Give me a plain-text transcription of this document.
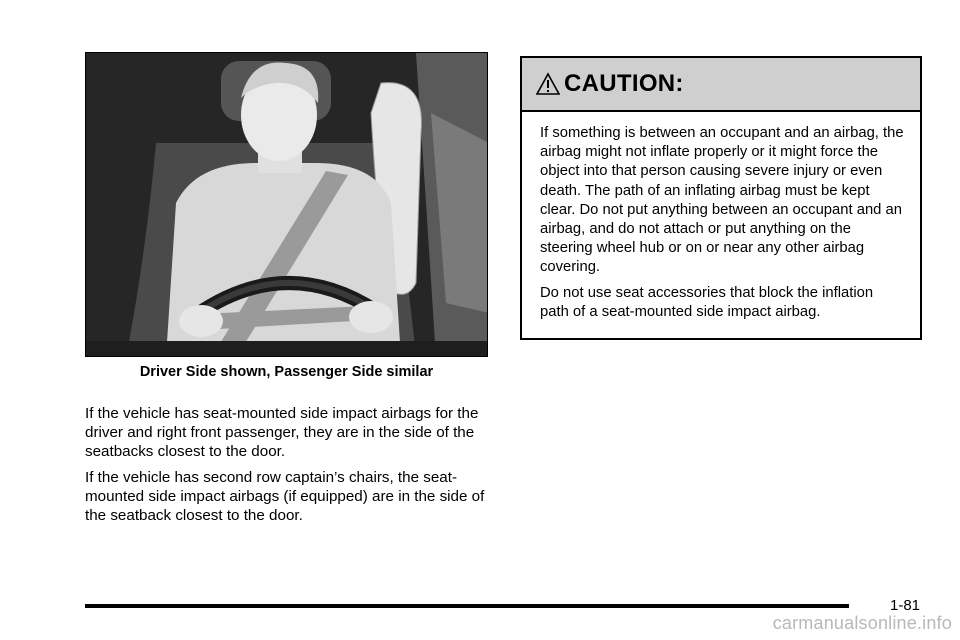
Driver Side shown, Passenger Side similar

If the vehicle has seat-mounted side impact airbags for the driver and right front passenger, they are in the side of the seatbacks closest to the door.

If the vehicle has second row captain’s chairs, the seat-mounted side impact airbags (if equipped) are in the side of the seatback closest to the door.

CAUTION:

If something is between an occupant and an airbag, the airbag might not inflate properly or it might force the object into that person causing severe injury or even death. The path of an inflating airbag must be kept clear. Do not put anything between an occupant and an airbag, and do not attach or put anything on the steering wheel hub or on or near any other airbag covering.

Do not use seat accessories that block the inflation path of a seat-mounted side impact airbag.

1-81
carmanualsonline.info
